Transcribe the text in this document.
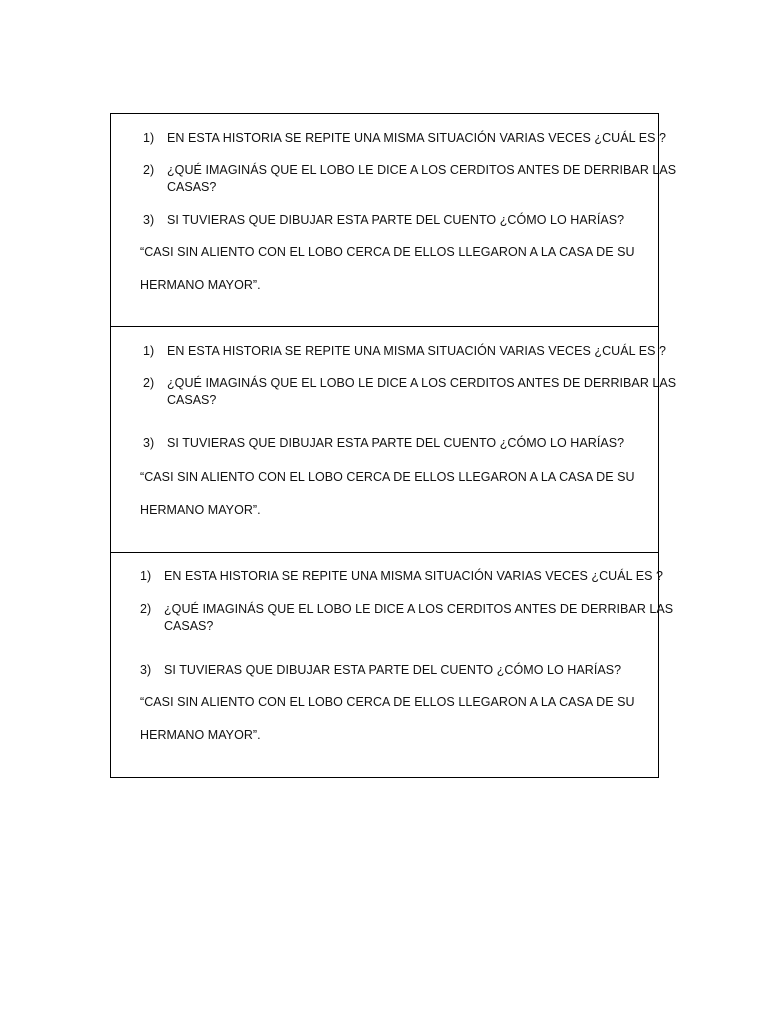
1) EN ESTA HISTORIA SE REPITE UNA MISMA SITUACIÓN VARIAS VECES ¿CUÁL ES ?
2) ¿QUÉ IMAGINÁS QUE EL LOBO LE DICE A LOS CERDITOS ANTES DE DERRIBAR LAS
CASAS?
3) SI TUVIERAS QUE DIBUJAR ESTA PARTE DEL CUENTO ¿CÓMO LO HARÍAS?
“CASI SIN ALIENTO CON EL LOBO CERCA DE ELLOS LLEGARON A LA CASA DE SU
HERMANO MAYOR”.
1) EN ESTA HISTORIA SE REPITE UNA MISMA SITUACIÓN VARIAS VECES ¿CUÁL ES ?
2) ¿QUÉ IMAGINÁS QUE EL LOBO LE DICE A LOS CERDITOS ANTES DE DERRIBAR LAS
CASAS?
3) SI TUVIERAS QUE DIBUJAR ESTA PARTE DEL CUENTO ¿CÓMO LO HARÍAS?
“CASI SIN ALIENTO CON EL LOBO CERCA DE ELLOS LLEGARON A LA CASA DE SU
HERMANO MAYOR”.
1) EN ESTA HISTORIA SE REPITE UNA MISMA SITUACIÓN VARIAS VECES ¿CUÁL ES ?
2) ¿QUÉ IMAGINÁS QUE EL LOBO LE DICE A LOS CERDITOS ANTES DE DERRIBAR LAS
CASAS?
3) SI TUVIERAS QUE DIBUJAR ESTA PARTE DEL CUENTO ¿CÓMO LO HARÍAS?
“CASI SIN ALIENTO CON EL LOBO CERCA DE ELLOS LLEGARON A LA CASA DE SU
HERMANO MAYOR”.
